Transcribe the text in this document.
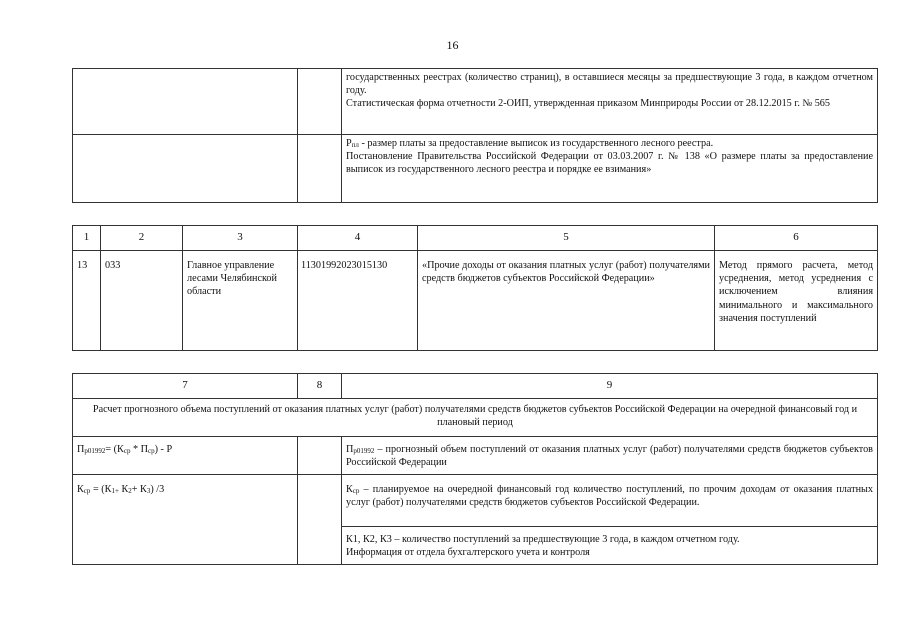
16

		государственных реестрах (количество страниц), в оставшиеся месяцы за предшествующие 3 года, в каждом отчетном году.
Статистическая форма отчетности 2-ОИП, утвержденная приказом Минприроды России от 28.12.2015 г. № 565

		$P_{пл}$ - размер платы за предоставление выписок из государственного лесного реестра.
Постановление Правительства Российской Федерации от 03.03.2007 г. № 138 «О размере платы за предоставление выписок из государственного лесного реестра и порядке ее взимания»
1	2	3	4	5	6
13	033	Главное управление лесами Челябинской области	11301992023015130	«Прочие доходы от оказания платных услуг (работ) получателями средств бюджетов субъектов Российской Федерации»	Метод прямого расчета, метод усреднения, метод усреднения с исключением влияния минимального и максимального значения поступлений
7	8	9
Расчет прогнозного объема поступлений от оказания платных услуг (работ) получателями средств бюджетов субъектов Российской Федерации на очередной финансовый год и плановый период		
$П_{р01992}= (К_{ср} * П_{ср}) - Р$		$П_{р01992}$ – прогнозный объем поступлений от оказания платных услуг (работ) получателями средств бюджетов субъектов Российской Федерации
$К_{ср} = (К_{1+}$ $К_2+ К_3$) /3		$К_{ср}$ – планируемое на очередной финансовый год количество поступлений, по прочим доходам от оказания платных услуг (работ) получателями средств бюджетов субъектов Российской Федерации.

		К1, К2, К3 – количество поступлений за предшествующие 3 года, в каждом отчетном году.
Информация от отдела бухгалтерского учета и контроля
